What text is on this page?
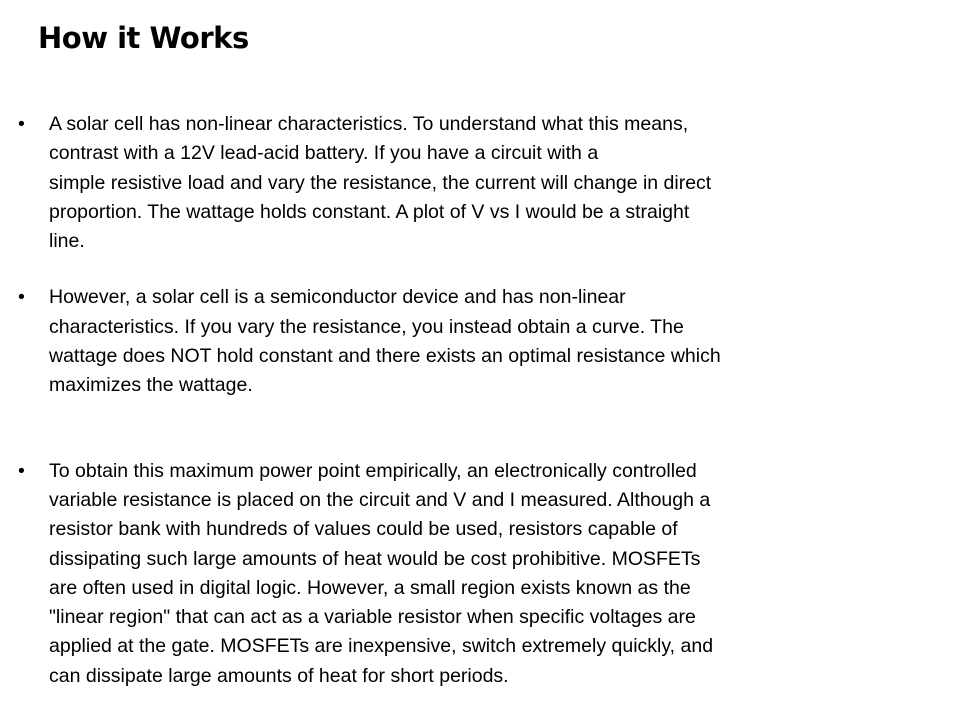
How it Works
• A solar cell has non-linear characteristics. To understand what this means,
contrast with a 12V lead-acid battery. If you have a circuit with a
simple resistive load and vary the resistance, the current will change in direct
proportion. The wattage holds constant. A plot of V vs I would be a straight
line.
• However, a solar cell is a semiconductor device and has non-linear
characteristics. If you vary the resistance, you instead obtain a curve. The
wattage does NOT hold constant and there exists an optimal resistance which
maximizes the wattage.
• To obtain this maximum power point empirically, an electronically controlled
variable resistance is placed on the circuit and V and I measured. Although a
resistor bank with hundreds of values could be used, resistors capable of
dissipating such large amounts of heat would be cost prohibitive. MOSFETs
are often used in digital logic. However, a small region exists known as the
"linear region" that can act as a variable resistor when specific voltages are
applied at the gate. MOSFETs are inexpensive, switch extremely quickly, and
can dissipate large amounts of heat for short periods.
